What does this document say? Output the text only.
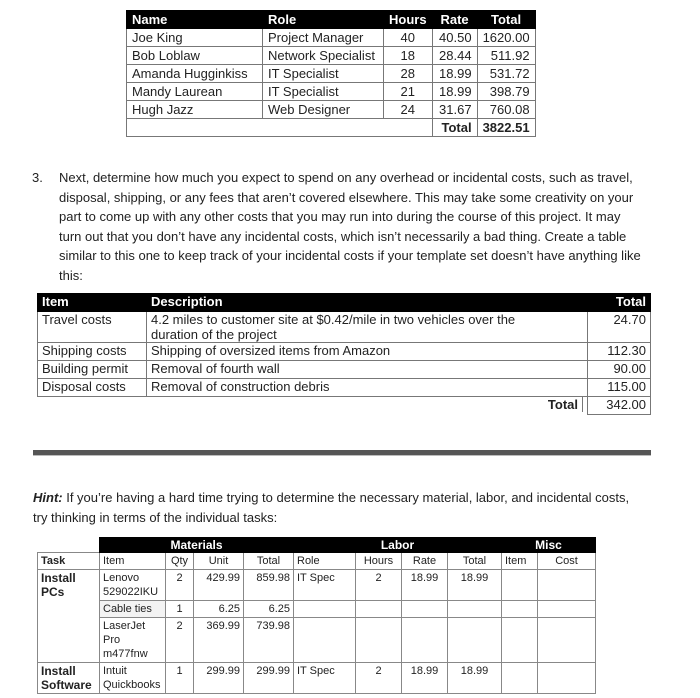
Name	Role	Hours	Rate	Total
Joe King	Project Manager	40	40.50	1620.00
Bob Loblaw	Network Specialist	18	28.44	511.92
Amanda Hugginkiss	IT Specialist	28	18.99	531.72
Mandy Laurean	IT Specialist	21	18.99	398.79
Hugh Jazz	Web Designer	24	31.67	760.08
			Total	3822.51
3. Next, determine how much you expect to spend on any overhead or incidental costs, such as travel, disposal, shipping, or any fees that aren’t covered elsewhere. This may take some creativity on your part to come up with any other costs that you may run into during the course of this project. It may turn out that you don’t have any incidental costs, which isn’t necessarily a bad thing. Create a table similar to this one to keep track of your incidental costs if your template set doesn’t have anything like this:
Item	Description	Total
Travel costs	4.2 miles to customer site at $0.42/mile in two vehicles over the duration of the project	24.70
Shipping costs	Shipping of oversized items from Amazon	112.30
Building permit	Removal of fourth wall	90.00
Disposal costs	Removal of construction debris	115.00
Total		342.00
Hint: If you’re having a hard time trying to determine the necessary material, labor, and incidental costs, try thinking in terms of the individual tasks:
	Materials				Labor				Misc	
Task	Item	Qty	Unit	Total	Role	Hours	Rate	Total	Item	Cost
Install PCs	Lenovo 529022IKU	2	429.99	859.98	IT Spec	2	18.99	18.99		
	Cable ties	1	6.25	6.25						
	LaserJet Pro m477fnw	2	369.99	739.98						
Install Software	Intuit Quickbooks	1	299.99	299.99	IT Spec	2	18.99	18.99		
